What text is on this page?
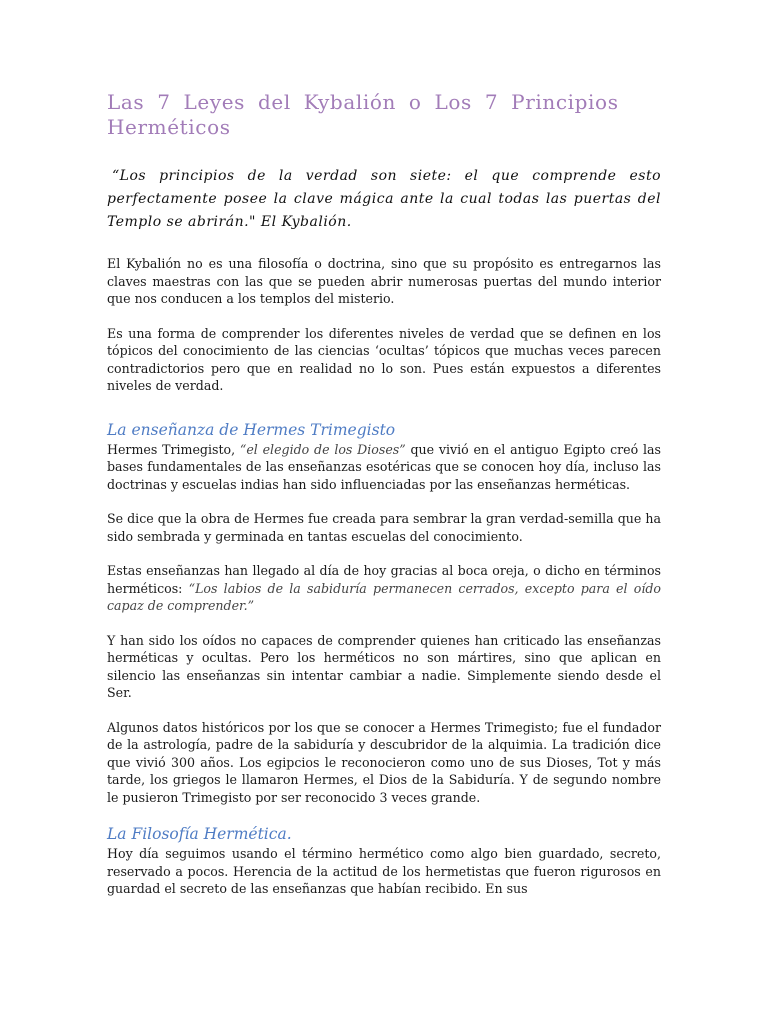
Las 7 Leyes del Kybalión o Los 7 Principios Herméticos

“Los principios de la verdad son siete: el que comprende esto perfectamente posee la clave mágica ante la cual todas las puertas del Templo se abrirán." El Kybalión.

El Kybalión no es una filosofía o doctrina, sino que su propósito es entregarnos las claves maestras con las que se pueden abrir numerosas puertas del mundo interior que nos conducen a los templos del misterio.

Es una forma de comprender los diferentes niveles de verdad que se definen en los tópicos del conocimiento de las ciencias ‘ocultas’ tópicos que muchas veces parecen contradictorios pero que en realidad no lo son. Pues están expuestos a diferentes niveles de verdad.

La enseñanza de Hermes Trimegisto

Hermes Trimegisto, “el elegido de los Dioses” que vivió en el antiguo Egipto creó las bases fundamentales de las enseñanzas esotéricas que se conocen hoy día, incluso las doctrinas y escuelas indias han sido influenciadas por las enseñanzas herméticas.

Se dice que la obra de Hermes fue creada para sembrar la gran verdad-semilla que ha sido sembrada y germinada en tantas escuelas del conocimiento.

Estas enseñanzas han llegado al día de hoy gracias al boca oreja, o dicho en términos herméticos: “Los labios de la sabiduría permanecen cerrados, excepto para el oído capaz de comprender.”

Y han sido los oídos no capaces de comprender quienes han criticado las enseñanzas herméticas y ocultas. Pero los herméticos no son mártires, sino que aplican en silencio las enseñanzas sin intentar cambiar a nadie. Simplemente siendo desde el Ser.

Algunos datos históricos por los que se conocer a Hermes Trimegisto; fue el fundador de la astrología, padre de la sabiduría y descubridor de la alquimia. La tradición dice que vivió 300 años. Los egipcios le reconocieron como uno de sus Dioses, Tot y más tarde, los griegos le llamaron Hermes, el Dios de la Sabiduría. Y de segundo nombre le pusieron Trimegisto por ser reconocido 3 veces grande.

La Filosofía Hermética.

Hoy día seguimos usando el término hermético como algo bien guardado, secreto, reservado a pocos. Herencia de la actitud de los hermetistas que fueron rigurosos en guardad el secreto de las enseñanzas que habían recibido. En sus
